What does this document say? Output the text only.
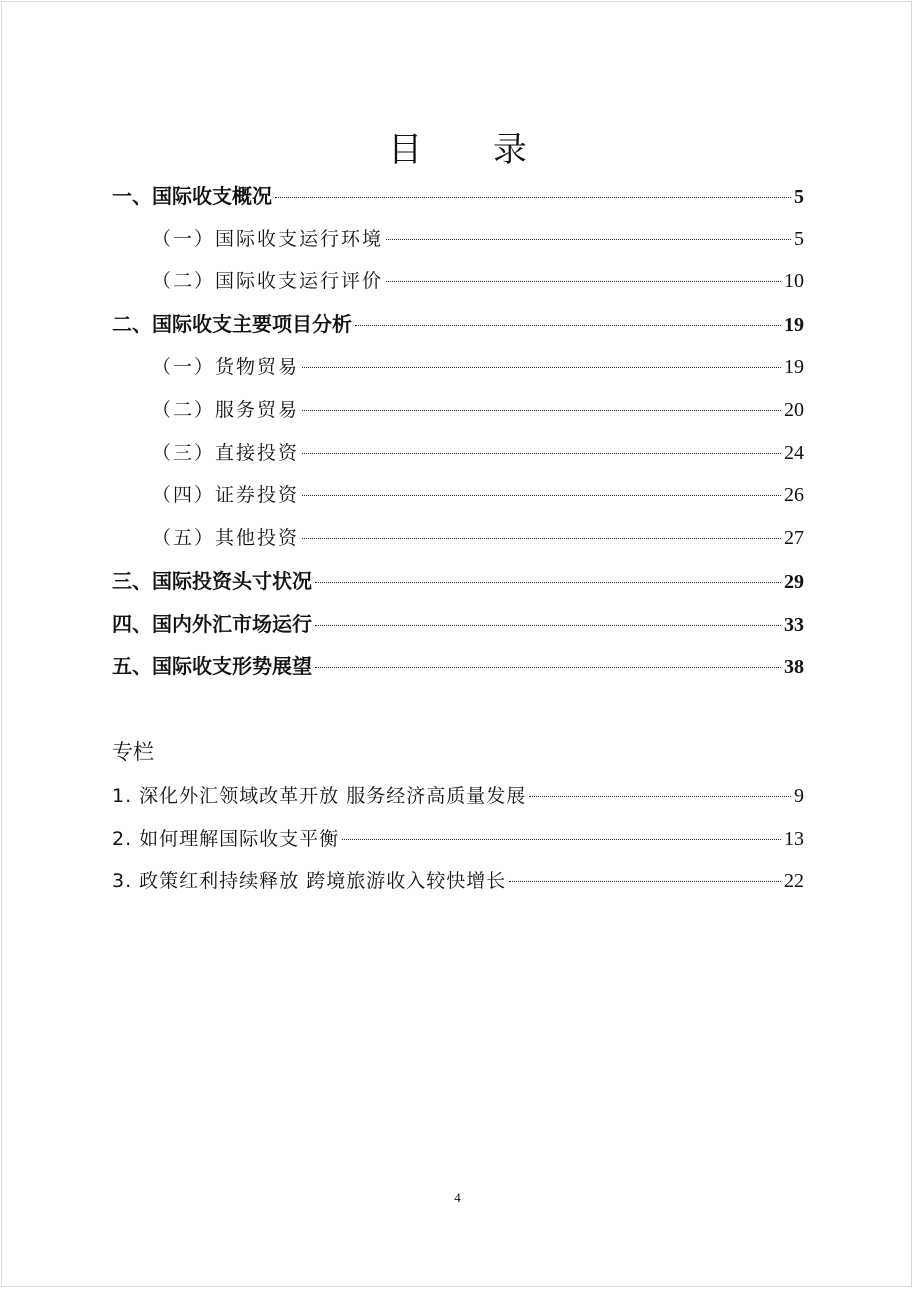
目 录
一、国际收支概况	5
（一）国际收支运行环境	5
（二）国际收支运行评价	10
二、国际收支主要项目分析	19
（一）货物贸易	19
（二）服务贸易	20
（三）直接投资	24
（四）证券投资	26
（五）其他投资	27
三、国际投资头寸状况	29
四、国内外汇市场运行	33
五、国际收支形势展望	38
专栏
1. 深化外汇领域改革开放 服务经济高质量发展	9
2. 如何理解国际收支平衡	13
3. 政策红利持续释放 跨境旅游收入较快增长	22
4
